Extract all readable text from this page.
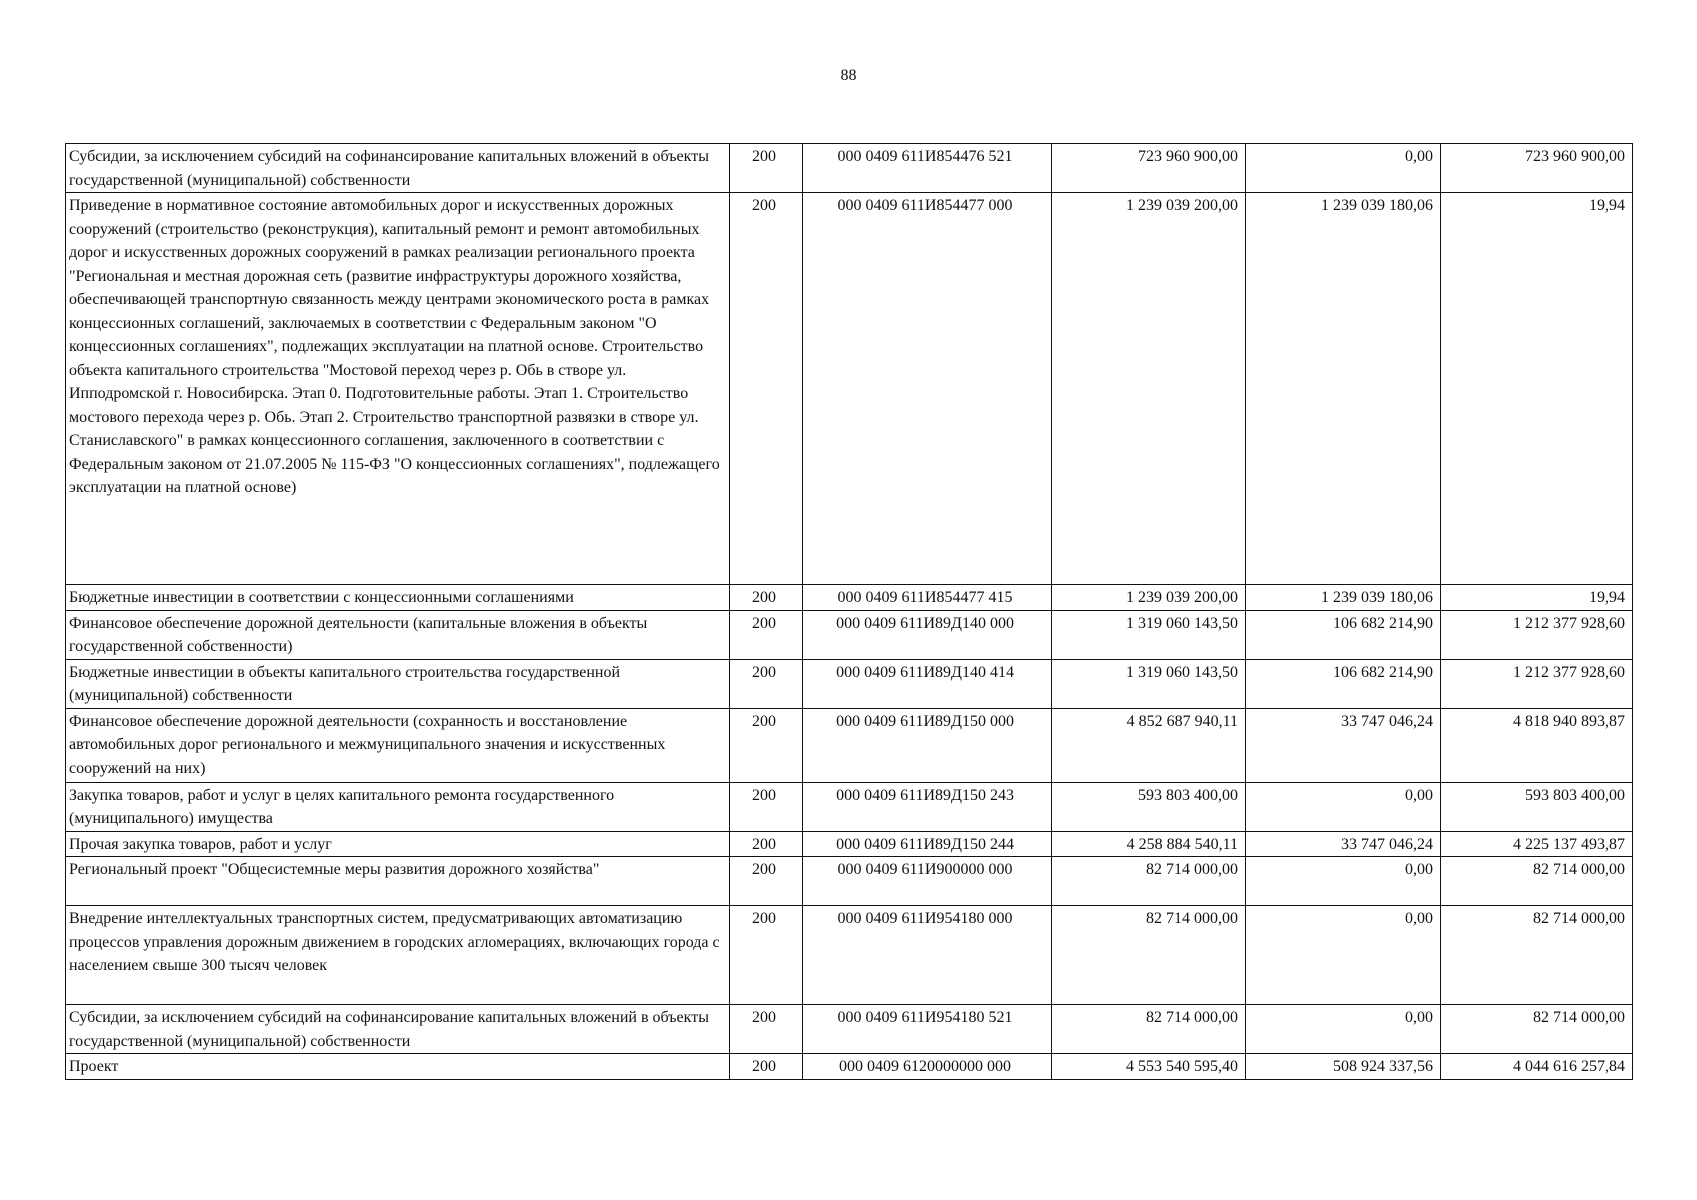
88
Субсидии, за исключением субсидий на софинансирование капитальных вложений в объекты государственной (муниципальной) собственности	200	000 0409 611И854476 521	723 960 900,00	0,00	723 960 900,00
Приведение в нормативное состояние автомобильных дорог и искусственных дорожных сооружений (строительство (реконструкция), капитальный ремонт и ремонт автомобильных дорог и искусственных дорожных сооружений в рамках реализации регионального проекта "Региональная и местная дорожная сеть (развитие инфраструктуры дорожного хозяйства, обеспечивающей транспортную связанность между центрами экономического роста в рамках концессионных соглашений, заключаемых в соответствии с Федеральным законом "О концессионных соглашениях", подлежащих эксплуатации на платной основе. Строительство объекта капитального строительства "Мостовой переход через р. Обь в створе ул. Ипподромской г. Новосибирска. Этап 0. Подготовительные работы. Этап 1. Строительство мостового перехода через р. Обь. Этап 2. Строительство транспортной развязки в створе ул. Станиславского" в рамках концессионного соглашения, заключенного в соответствии с Федеральным законом от 21.07.2005 № 115-ФЗ "О концессионных соглашениях", подлежащего эксплуатации на платной основе)	200	000 0409 611И854477 000	1 239 039 200,00	1 239 039 180,06	19,94
Бюджетные инвестиции в соответствии с концессионными соглашениями	200	000 0409 611И854477 415	1 239 039 200,00	1 239 039 180,06	19,94
Финансовое обеспечение дорожной деятельности (капитальные вложения в объекты государственной собственности)	200	000 0409 611И89Д140 000	1 319 060 143,50	106 682 214,90	1 212 377 928,60
Бюджетные инвестиции в объекты капитального строительства государственной (муниципальной) собственности	200	000 0409 611И89Д140 414	1 319 060 143,50	106 682 214,90	1 212 377 928,60
Финансовое обеспечение дорожной деятельности (сохранность и восстановление автомобильных дорог регионального и межмуниципального значения и искусственных сооружений на них)	200	000 0409 611И89Д150 000	4 852 687 940,11	33 747 046,24	4 818 940 893,87
Закупка товаров, работ и услуг в целях капитального ремонта государственного (муниципального) имущества	200	000 0409 611И89Д150 243	593 803 400,00	0,00	593 803 400,00
Прочая закупка товаров, работ и услуг	200	000 0409 611И89Д150 244	4 258 884 540,11	33 747 046,24	4 225 137 493,87
Региональный проект "Общесистемные меры развития дорожного хозяйства"	200	000 0409 611И900000 000	82 714 000,00	0,00	82 714 000,00
Внедрение интеллектуальных транспортных систем, предусматривающих автоматизацию процессов управления дорожным движением в городских агломерациях, включающих города с населением свыше 300 тысяч человек	200	000 0409 611И954180 000	82 714 000,00	0,00	82 714 000,00
Субсидии, за исключением субсидий на софинансирование капитальных вложений в объекты государственной (муниципальной) собственности	200	000 0409 611И954180 521	82 714 000,00	0,00	82 714 000,00
Проект	200	000 0409 6120000000 000	4 553 540 595,40	508 924 337,56	4 044 616 257,84
